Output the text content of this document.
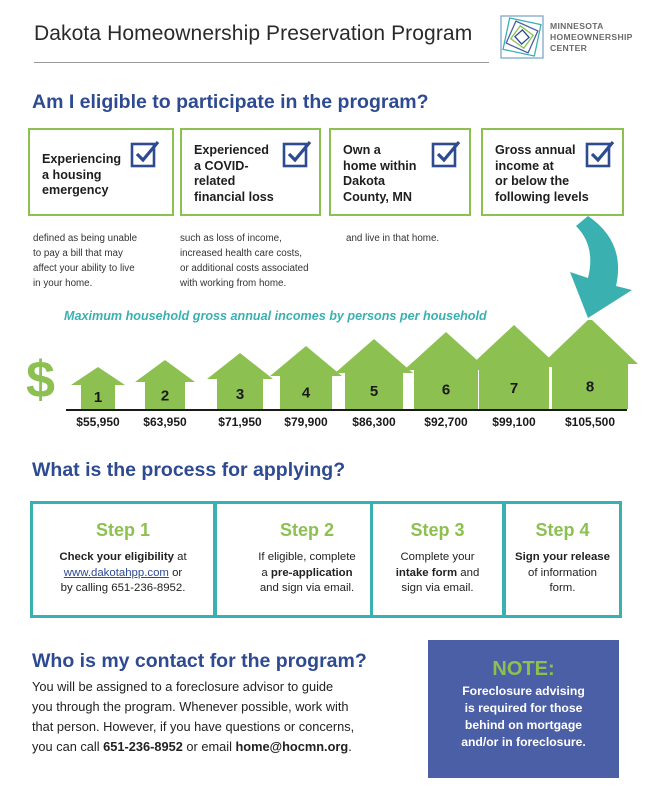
Dakota Homeownership Preservation Program	MINNESOTA
HOMEOWNERSHIP
CENTER
Am I eligible to participate in the program?
Experiencing
a housing
emergency
Experienced
a COVID-
related
financial loss
Own a
home within
Dakota
County, MN
Gross annual
income at
or below the
following levels
defined as being unable
to pay a bill that may
affect your ability to live
in your home.
such as loss of income,
increased health care costs,
or additional costs associated
with working from home.
and live in that home.
Maximum household gross annual incomes by persons per household
$	1	2	3	4	5	6	7	8
$55,950	$63,950	$71,950	$79,900	$86,300	$92,700	$99,100	$105,500
What is the process for applying?
Step 1
Check your eligibility at
www.dakotahpp.com or
by calling 651-236-8952.
Step 2
If eligible, complete
a pre-application
and sign via email.
Step 3
Complete your
intake form and
sign via email.
Step 4
Sign your release
of information
form.
Who is my contact for the program?
You will be assigned to a foreclosure advisor to guide
you through the program. Whenever possible, work with
that person. However, if you have questions or concerns,
you can call 651-236-8952 or email home@hocmn.org.
NOTE:
Foreclosure advising
is required for those
behind on mortgage
and/or in foreclosure.
